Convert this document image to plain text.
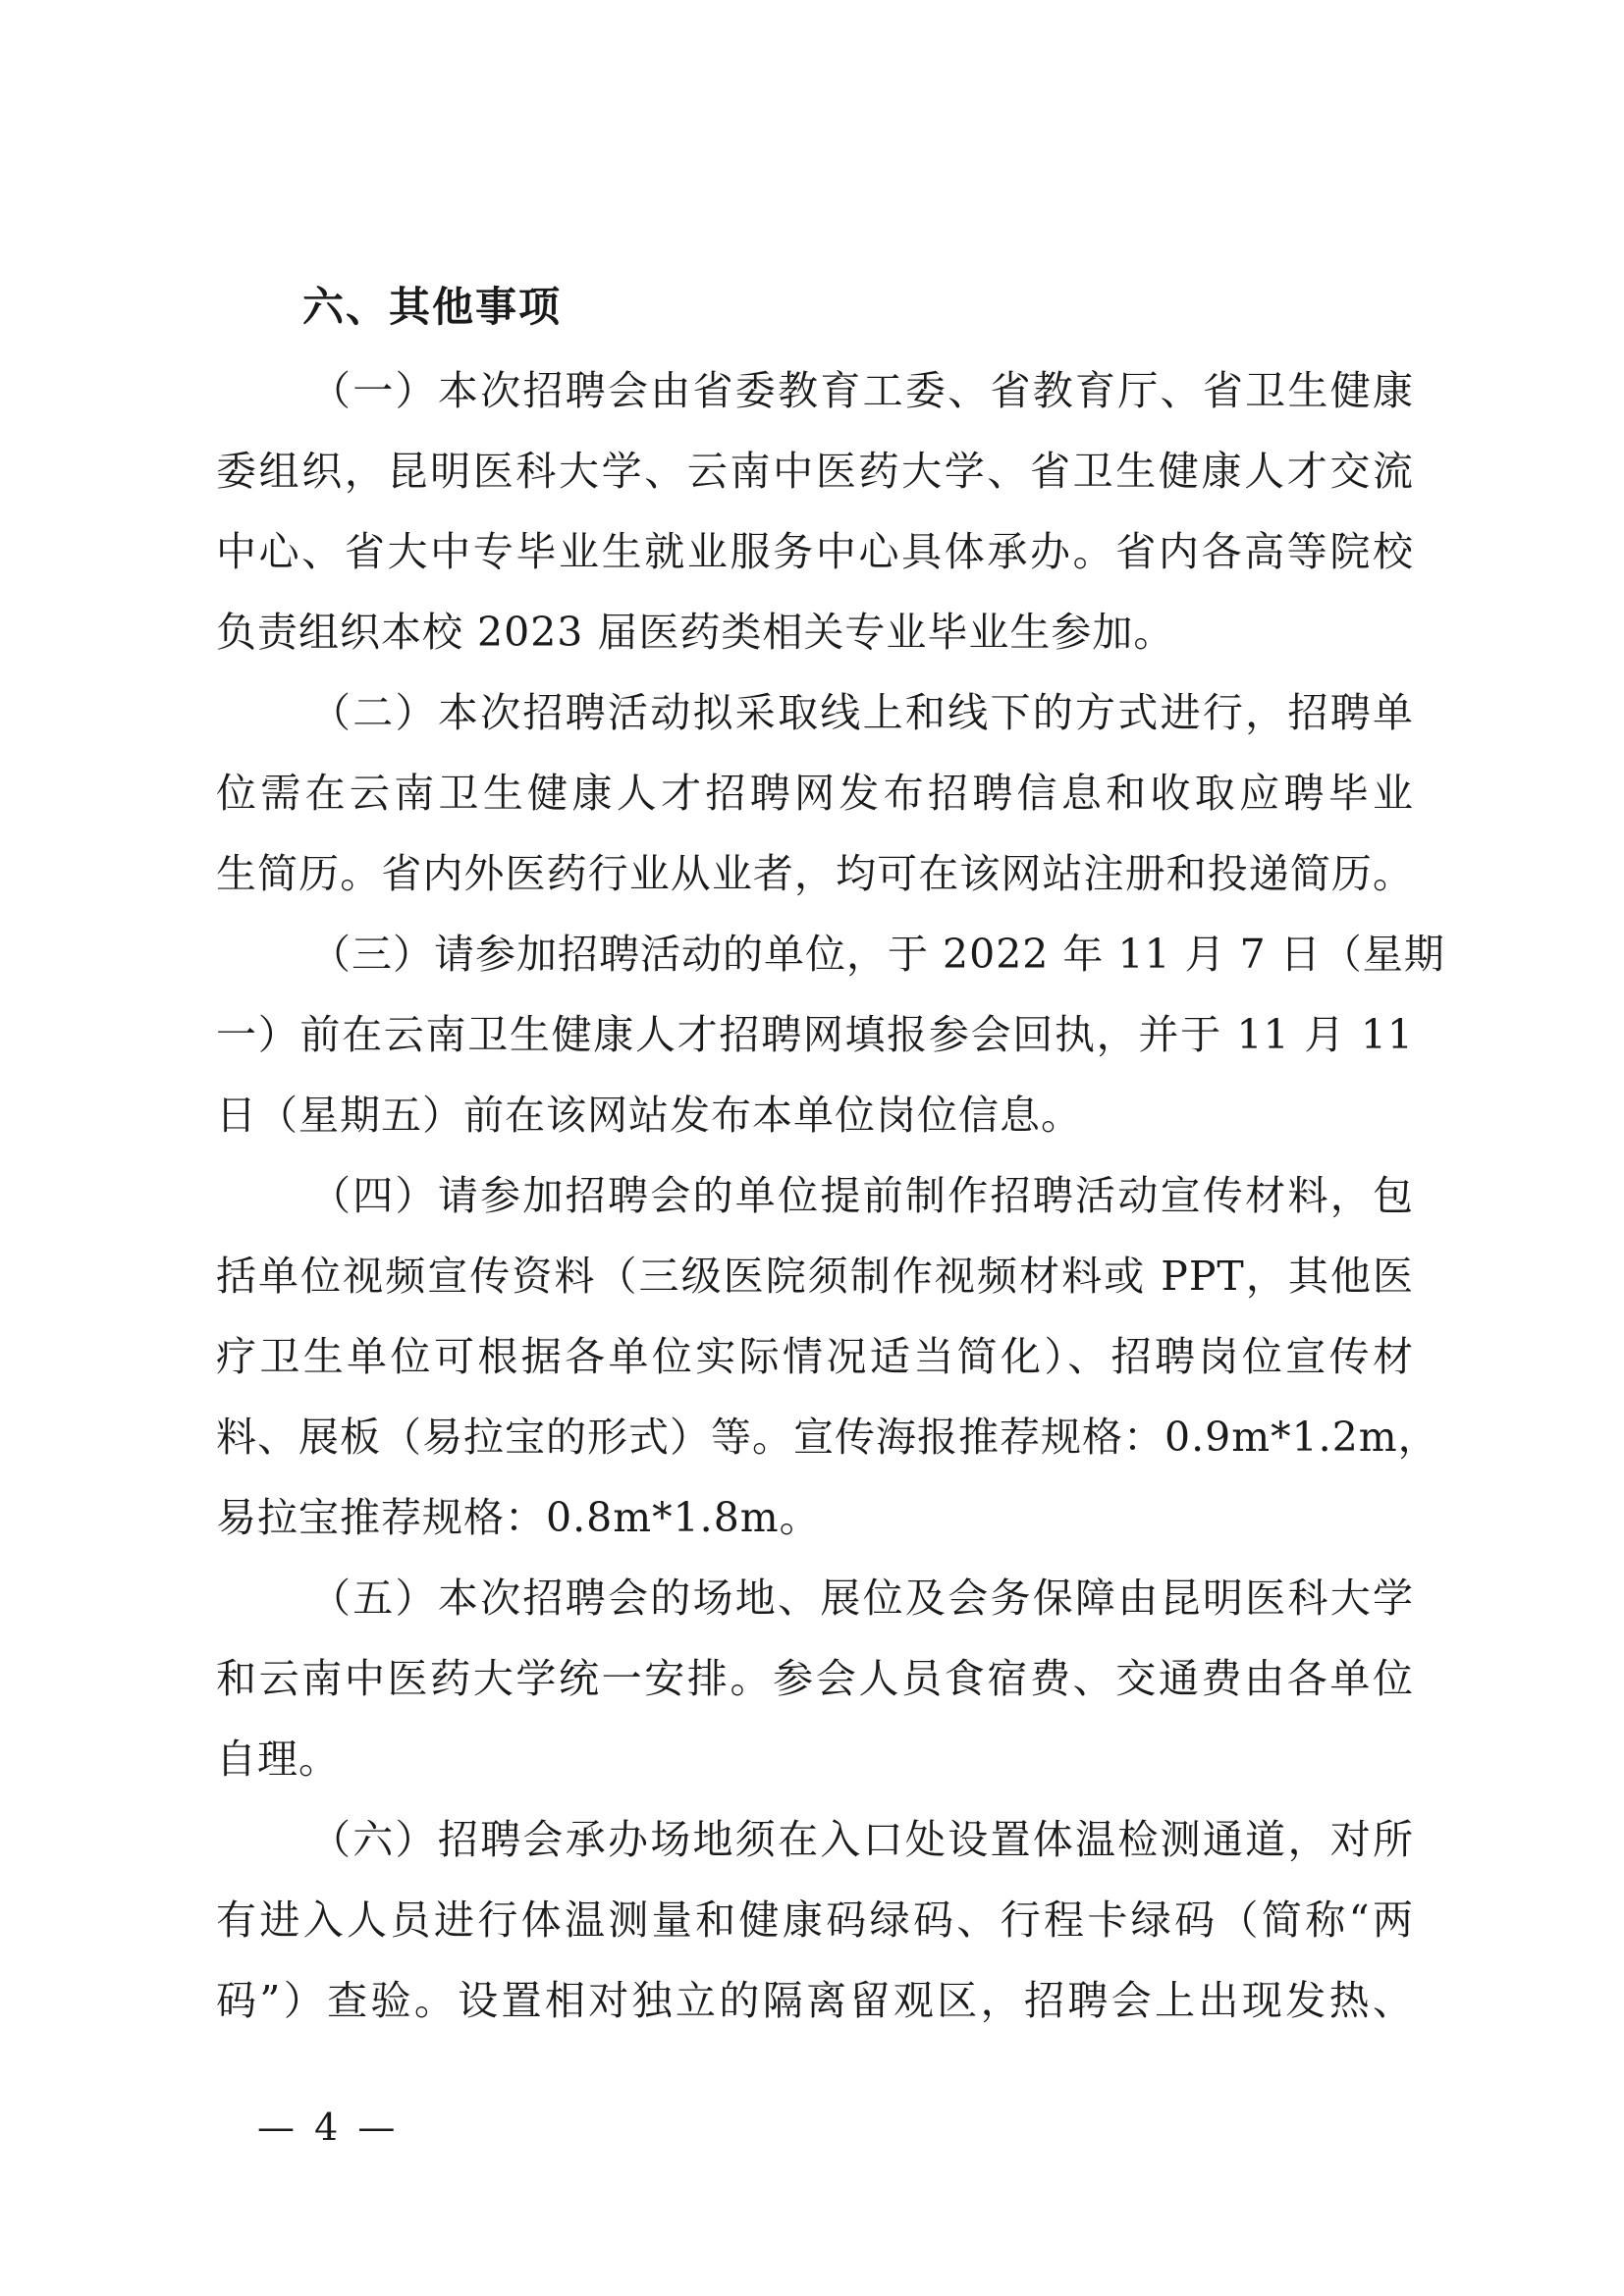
六、其他事项
（一）本次招聘会由省委教育工委、省教育厅、省卫生健康
委组织，昆明医科大学、云南中医药大学、省卫生健康人才交流
中心、省大中专毕业生就业服务中心具体承办。省内各高等院校
负责组织本校 2023 届医药类相关专业毕业生参加。
（二）本次招聘活动拟采取线上和线下的方式进行，招聘单
位需在云南卫生健康人才招聘网发布招聘信息和收取应聘毕业
生简历。省内外医药行业从业者，均可在该网站注册和投递简历。
（三）请参加招聘活动的单位，于 2022 年 11 月 7 日（星期
一）前在云南卫生健康人才招聘网填报参会回执，并于 11 月 11
日（星期五）前在该网站发布本单位岗位信息。
（四）请参加招聘会的单位提前制作招聘活动宣传材料，包
括单位视频宣传资料（三级医院须制作视频材料或 PPT，其他医
疗卫生单位可根据各单位实际情况适当简化）、招聘岗位宣传材
料、展板（易拉宝的形式）等。宣传海报推荐规格：0.9m*1.2m，
易拉宝推荐规格：0.8m*1.8m。
（五）本次招聘会的场地、展位及会务保障由昆明医科大学
和云南中医药大学统一安排。参会人员食宿费、交通费由各单位
自理。
（六）招聘会承办场地须在入口处设置体温检测通道，对所
有进入人员进行体温测量和健康码绿码、行程卡绿码（简称“两
码”）查验。设置相对独立的隔离留观区，招聘会上出现发热、
— 4 —
